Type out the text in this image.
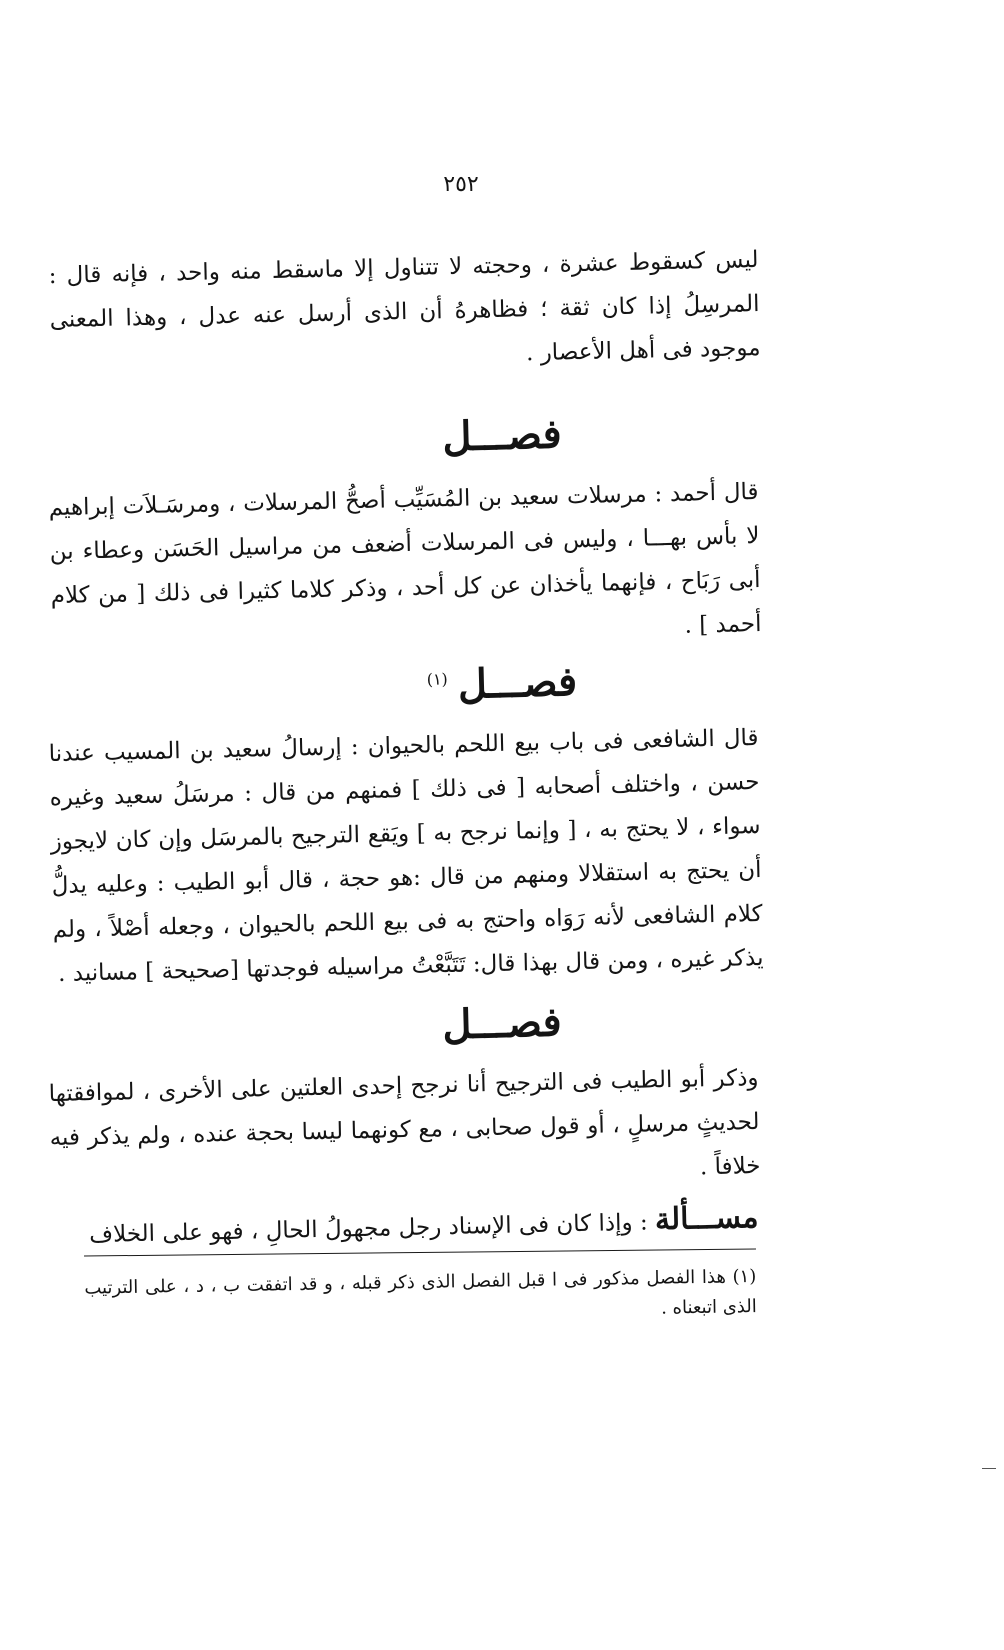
٢٥٢

ليس كسقوط عشرة ، وحجته لا تتناول إلا ماسقط منه واحد ، فإنه قال : المرسِلُ إذا كان ثقة ؛ فظاهرهُ أن الذى أرسل عنه عدل ، وهذا المعنى موجود فى أهل الأعصار .

فصـــل

قال أحمد : مرسلات سعيد بن المُسَيِّب أصحُّ المرسلات ، ومرسَـلاَت إبراهيم لا بأس بهـــا ، وليس فى المرسلات أضعف من مراسيل الحَسَن وعطاء بن أبى رَبَاح ، فإنهما يأخذان عن كل أحد ، وذكر كلاما كثيرا فى ذلك [ من كلام أحمد ] .

فصـــل$^{(١)}$

قال الشافعى فى باب بيع اللحم بالحيوان : إرسالُ سعيد بن المسيب عندنا حسن ، واختلف أصحابه [ فى ذلك ] فمنهم من قال : مرسَلُ سعيد وغيره سواء ، لا يحتج به ، [ وإنما نرجح به ] ويَقع الترجيح بالمرسَل وإن كان لايجوز أن يحتج به استقلالا ومنهم من قال :هو حجة ، قال أبو الطيب : وعليه يدلُّ كلام الشافعى لأنه رَوَاه واحتج به فى بيع اللحم بالحيوان ، وجعله أصْلاً ، ولم يذكر غيره ، ومن قال بهذا قال: تَتَبَّعْتُ مراسيله فوجدتها [صحيحة ] مسانيد .

فصـــل

وذكر أبو الطيب فى الترجيح أنا نرجح إحدى العلتين على الأخرى ، لموافقتها لحديثٍ مرسلٍ ، أو قول صحابى ، مع كونهما ليسا بحجة عنده ، ولم يذكر فيه خلافاً .

مســـألة : وإذا كان فى الإسناد رجل مجهولُ الحالِ ، فهو على الخلاف

(١) هذا الفصل مذكور فى ا قبل الفصل الذى ذكر قبله ، و قد اتفقت ب ، د ، على الترتيب الذى اتبعناه .
